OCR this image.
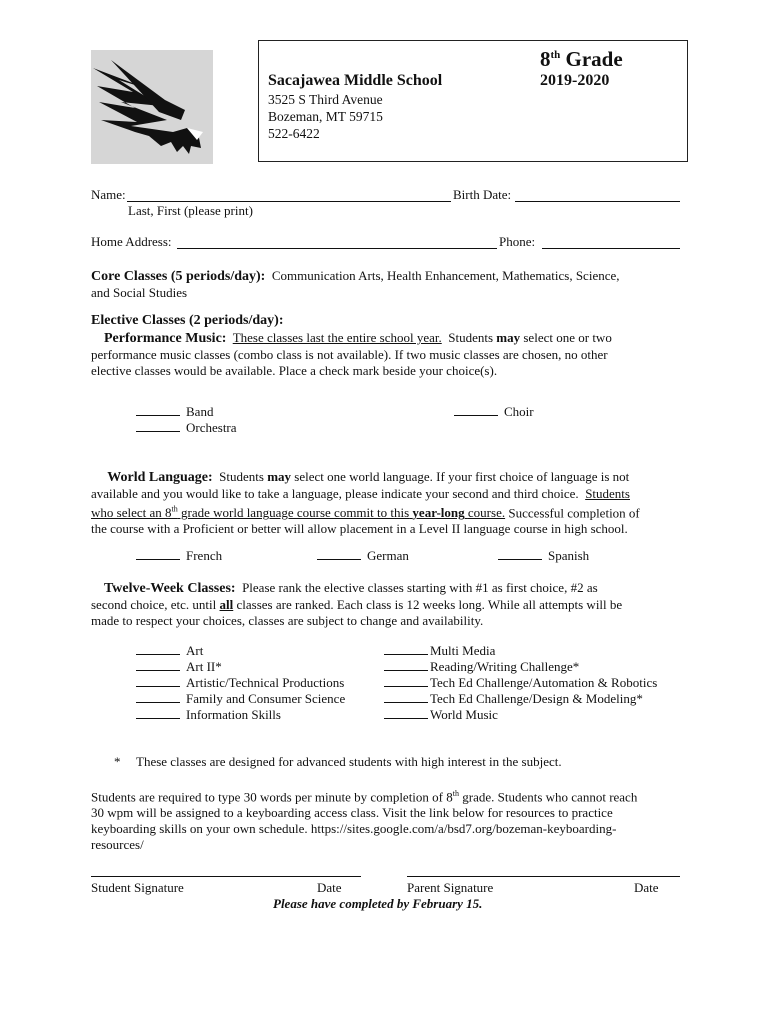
Sacajawea Middle School
8th Grade
2019-2020
3525 S Third Avenue
Bozeman, MT 59715
522-6422
Name:	Birth Date:
Last, First (please print)
Home Address:	Phone:
Core Classes (5 periods/day): Communication Arts, Health Enhancement, Mathematics, Science,
and Social Studies
Elective Classes (2 periods/day):
Performance Music: These classes last the entire school year. Students may select one or two
performance music classes (combo class is not available). If two music classes are chosen, no other
elective classes would be available. Place a check mark beside your choice(s).
Band
Orchestra
Choir
World Language: Students may select one world language. If your first choice of language is not
available and you would like to take a language, please indicate your second and third choice. Students
who select an 8th grade world language course commit to this year-long course. Successful completion of
the course with a Proficient or better will allow placement in a Level II language course in high school.
French	German	Spanish
Twelve-Week Classes: Please rank the elective classes starting with #1 as first choice, #2 as
second choice, etc. until all classes are ranked. Each class is 12 weeks long. While all attempts will be
made to respect your choices, classes are subject to change and availability.
Art
Art II*
Artistic/Technical Productions
Family and Consumer Science
Information Skills
Multi Media
Reading/Writing Challenge*
Tech Ed Challenge/Automation & Robotics
Tech Ed Challenge/Design & Modeling*
World Music
* These classes are designed for advanced students with high interest in the subject.
Students are required to type 30 words per minute by completion of 8th grade. Students who cannot reach
30 wpm will be assigned to a keyboarding access class. Visit the link below for resources to practice
keyboarding skills on your own schedule. https://sites.google.com/a/bsd7.org/bozeman-keyboarding-
resources/
Student Signature	Date	Parent Signature	Date
Please have completed by February 15.
